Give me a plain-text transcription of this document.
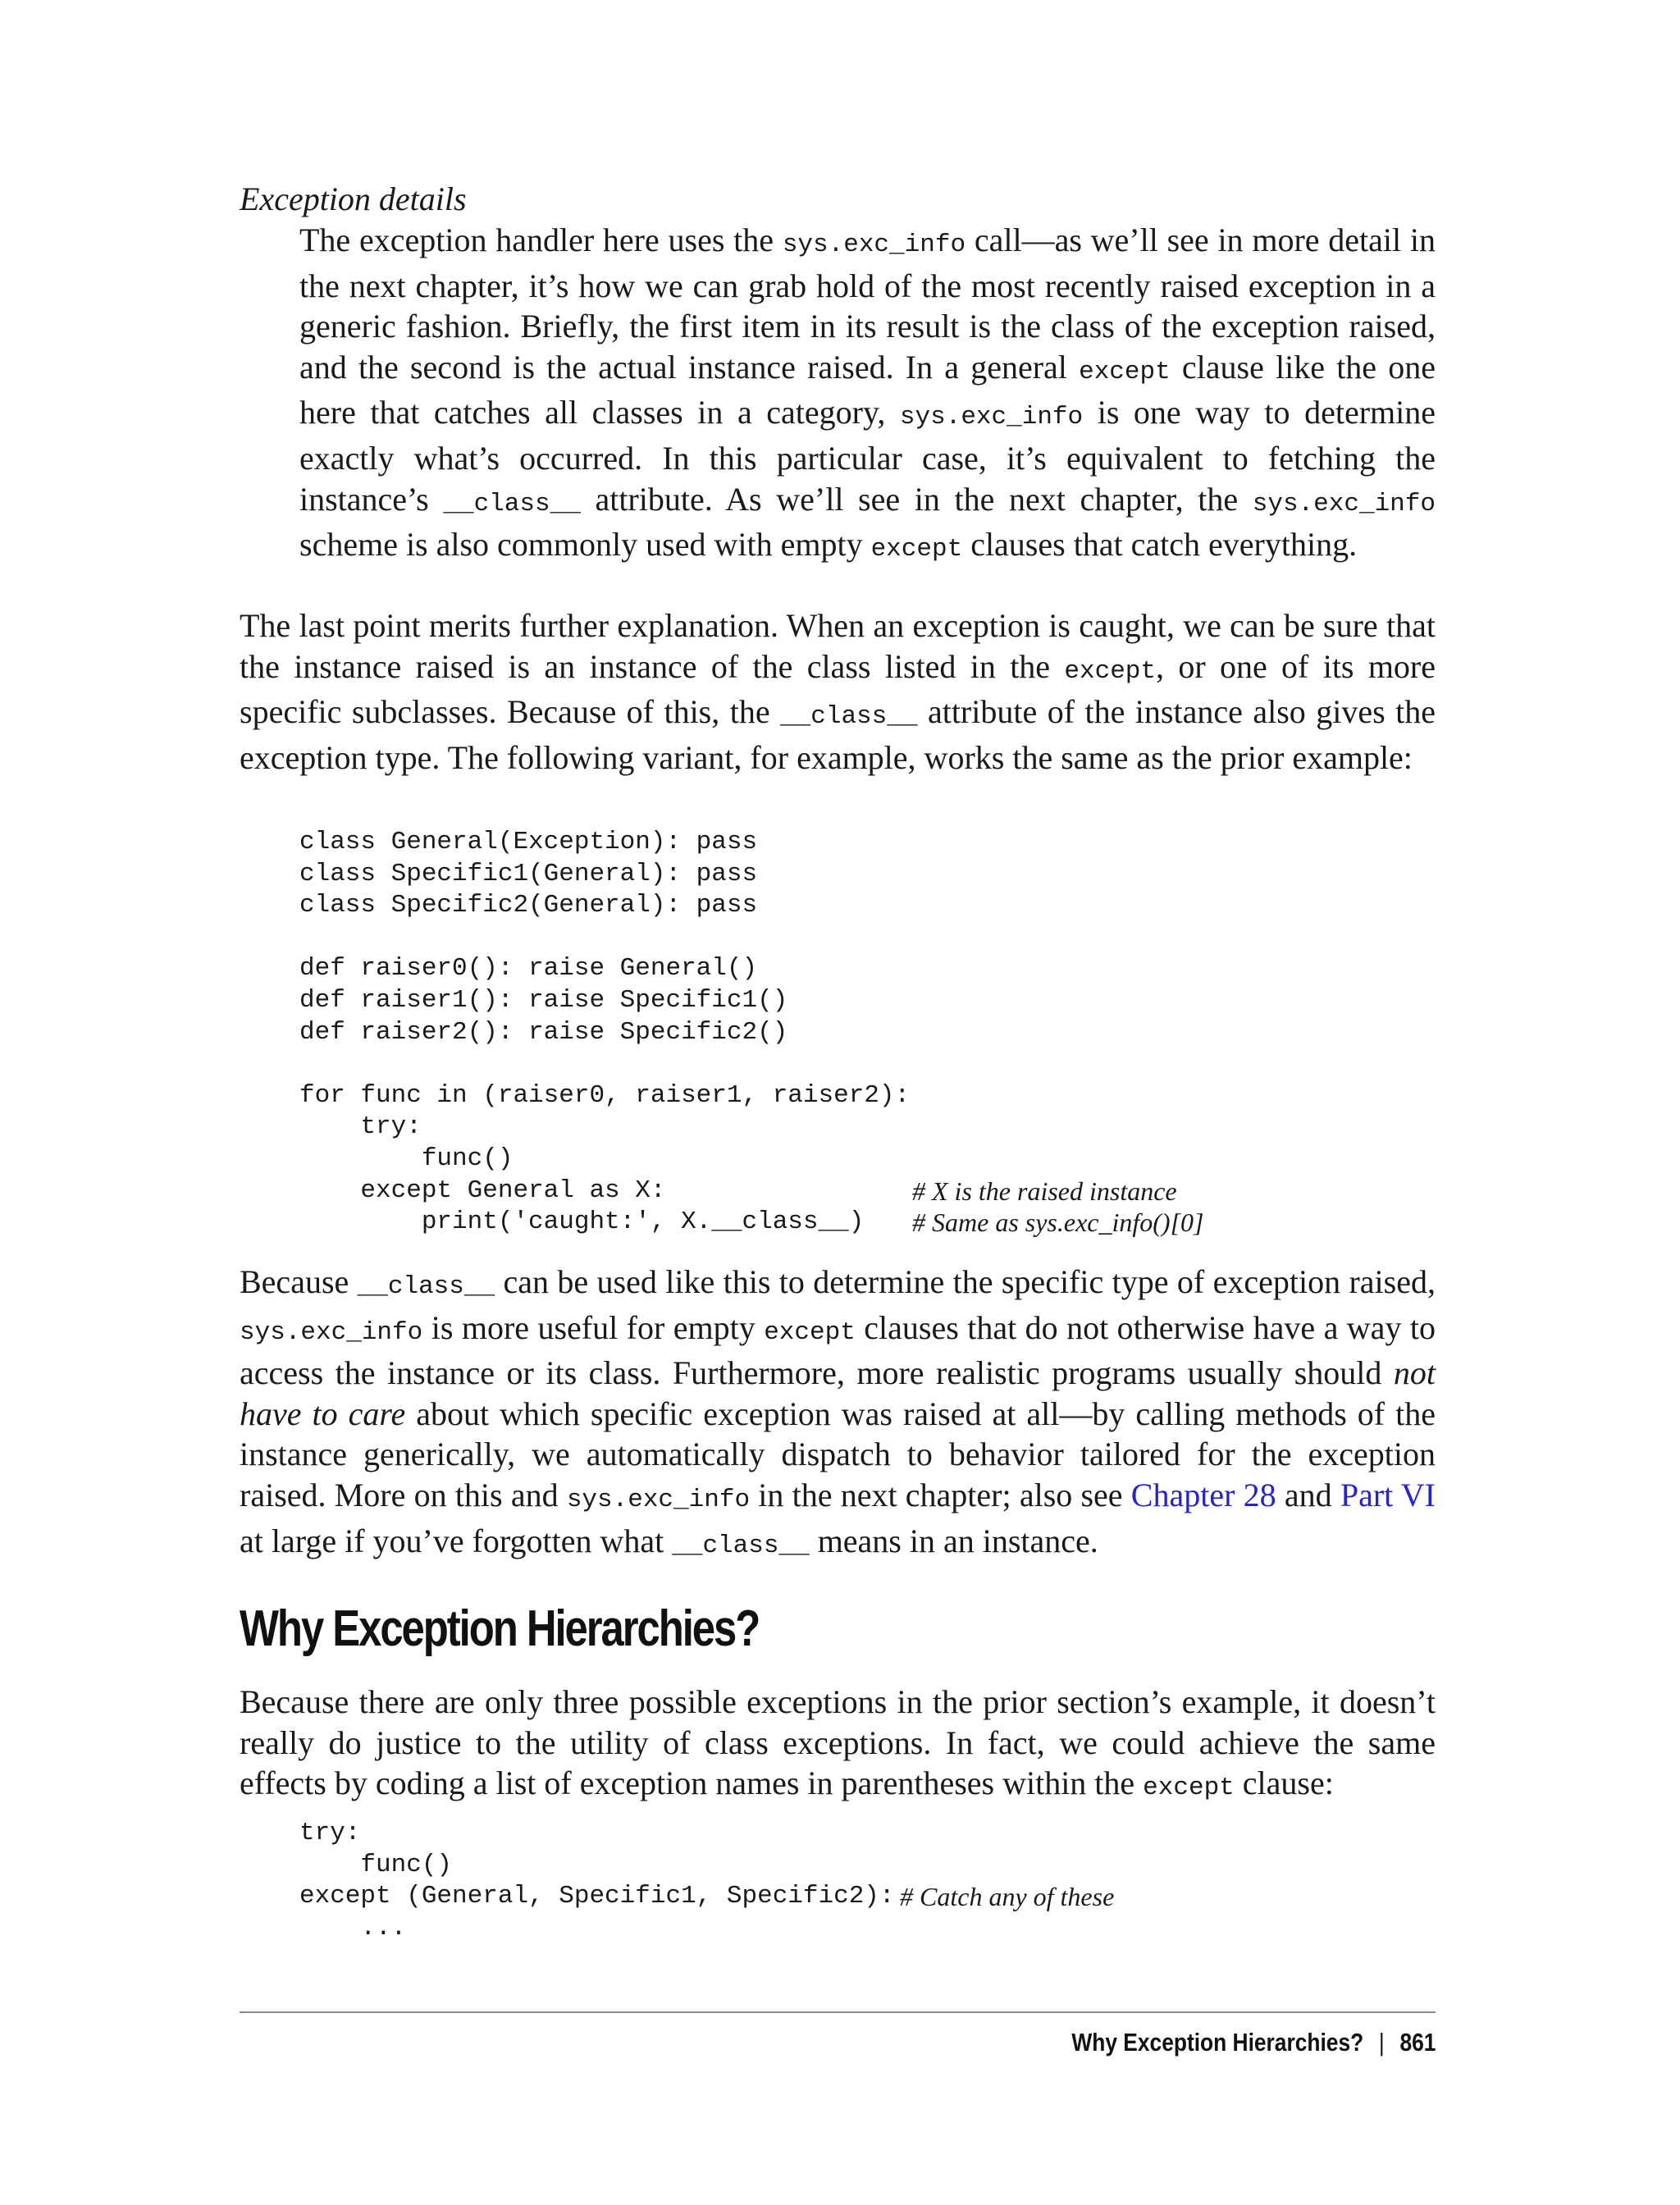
Exception details
The exception handler here uses the sys.exc_info call—as we’ll see in more detail in the next chapter, it’s how we can grab hold of the most recently raised exception in a generic fashion. Briefly, the first item in its result is the class of the exception raised, and the second is the actual instance raised. In a general except clause like the one here that catches all classes in a category, sys.exc_info is one way to determine exactly what’s occurred. In this particular case, it’s equivalent to fetching the instance’s __class__ attribute. As we’ll see in the next chapter, the sys.exc_info scheme is also commonly used with empty except clauses that catch everything.
The last point merits further explanation. When an exception is caught, we can be sure that the instance raised is an instance of the class listed in the except, or one of its more specific subclasses. Because of this, the __class__ attribute of the instance also gives the exception type. The following variant, for example, works the same as the prior example:
class General(Exception): pass
class Specific1(General): pass
class Specific2(General): pass
def raiser0(): raise General()
def raiser1(): raise Specific1()
def raiser2(): raise Specific2()
for func in (raiser0, raiser1, raiser2):
try:
func()
except General as X:	# X is the raised instance
print('caught:', X.__class__) # Same as sys.exc_info()[0]
Because __class__ can be used like this to determine the specific type of exception raised, sys.exc_info is more useful for empty except clauses that do not otherwise have a way to access the instance or its class. Furthermore, more realistic programs usually should not have to care about which specific exception was raised at all—by calling methods of the instance generically, we automatically dispatch to behavior tailored for the exception raised. More on this and sys.exc_info in the next chapter; also see Chapter 28 and Part VI at large if you’ve forgotten what __class__ means in an instance.
Why Exception Hierarchies?
Because there are only three possible exceptions in the prior section’s example, it doesn’t really do justice to the utility of class exceptions. In fact, we could achieve the same effects by coding a list of exception names in parentheses within the except clause:
try:
func()
except (General, Specific1, Specific2): # Catch any of these
...
Why Exception Hierarchies? | 861
